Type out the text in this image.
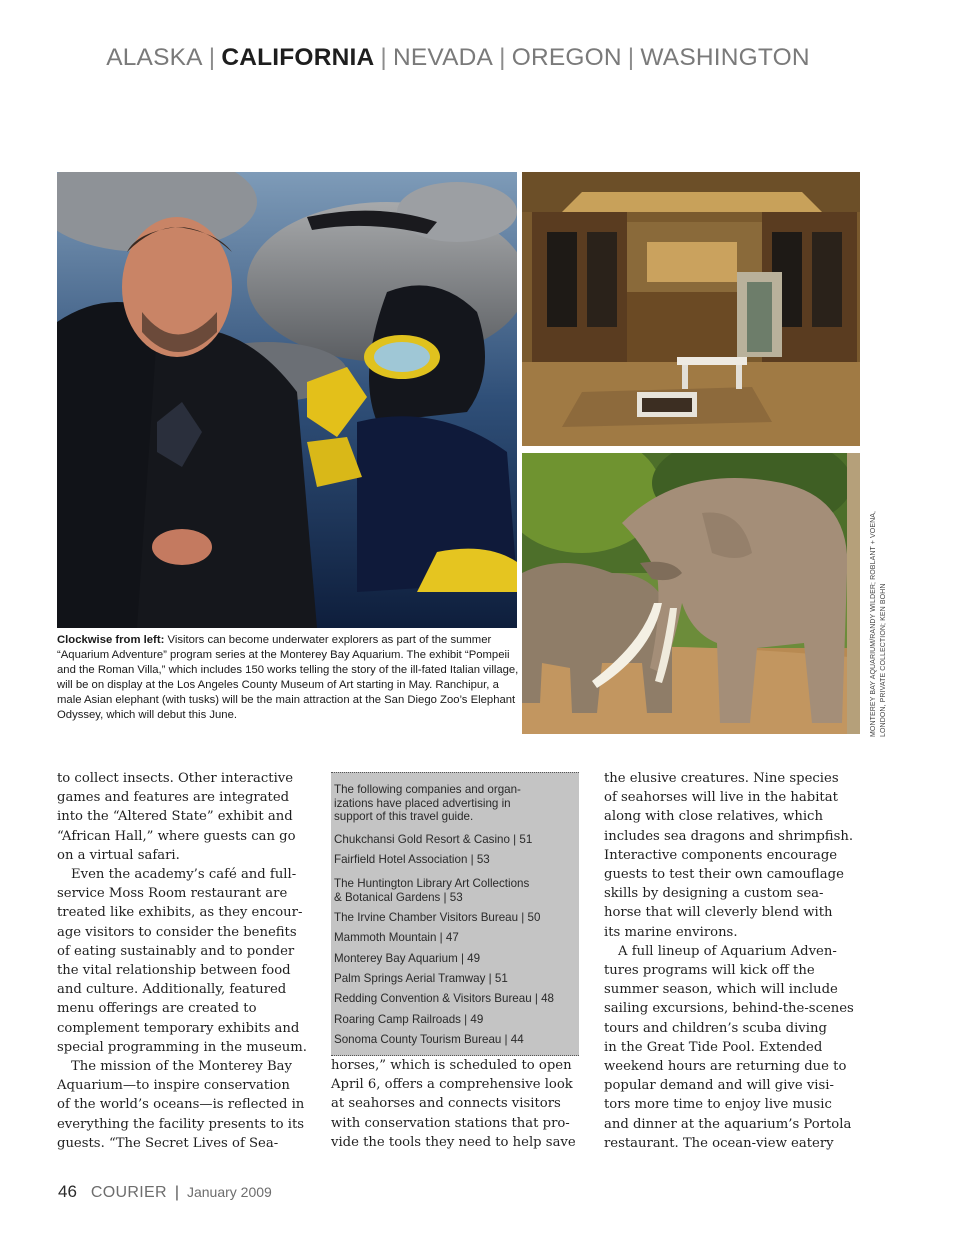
ALASKA | CALIFORNIA | NEVADA | OREGON | WASHINGTON
Clockwise from left: Visitors can become underwater explorers as part of the summer “Aquarium Adventure” program series at the Monterey Bay Aquarium. The exhibit “Pompeii and the Roman Villa,” which includes 150 works telling the story of the ill-fated Italian village, will be on display at the Los Angeles County Museum of Art starting in May. Ranchipur, a male Asian elephant (with tusks) will be the main attraction at the San Diego Zoo’s Elephant Odyssey, which will debut this June.	MONTEREY BAY AQUARIUM/RANDY WILDER; ROBLANT + VOENA, LONDON, PRIVATE COLLECTION; KEN BOHN

to collect insects. Other interactive

games and features are integrated

into the “Altered State” exhibit and

“African Hall,” where guests can go

on a virtual safari.

Even the academy’s café and full-

service Moss Room restaurant are

treated like exhibits, as they encour-

age visitors to consider the benefits

of eating sustainably and to ponder

the vital relationship between food

and culture. Additionally, featured

menu offerings are created to

complement temporary exhibits and

special programming in the museum.

The mission of the Monterey Bay

Aquarium—to inspire conservation

of the world’s oceans—is reflected in

everything the facility presents to its

guests. “The Secret Lives of Sea-

The following companies and organ-
izations have placed advertising in
support of this travel guide.
Chukchansi Gold Resort & Casino | 51
Fairfield Hotel Association | 53
The Huntington Library Art Collections
& Botanical Gardens | 53
The Irvine Chamber Visitors Bureau | 50
Mammoth Mountain | 47
Monterey Bay Aquarium | 49
Palm Springs Aerial Tramway | 51
Redding Convention & Visitors Bureau | 48
Roaring Camp Railroads | 49
Sonoma County Tourism Bureau | 44

horses,” which is scheduled to open

April 6, offers a comprehensive look

at seahorses and connects visitors

with conservation stations that pro-

vide the tools they need to help save

the elusive creatures. Nine species

of seahorses will live in the habitat

along with close relatives, which

includes sea dragons and shrimpfish.

Interactive components encourage

guests to test their own camouflage

skills by designing a custom sea-

horse that will cleverly blend with

its marine environs.

A full lineup of Aquarium Adven-

tures programs will kick off the

summer season, which will include

sailing excursions, behind-the-scenes

tours and children’s scuba diving

in the Great Tide Pool. Extended

weekend hours are returning due to

popular demand and will give visi-

tors more time to enjoy live music

and dinner at the aquarium’s Portola

restaurant. The ocean-view eatery

46 COURIER | January 2009
